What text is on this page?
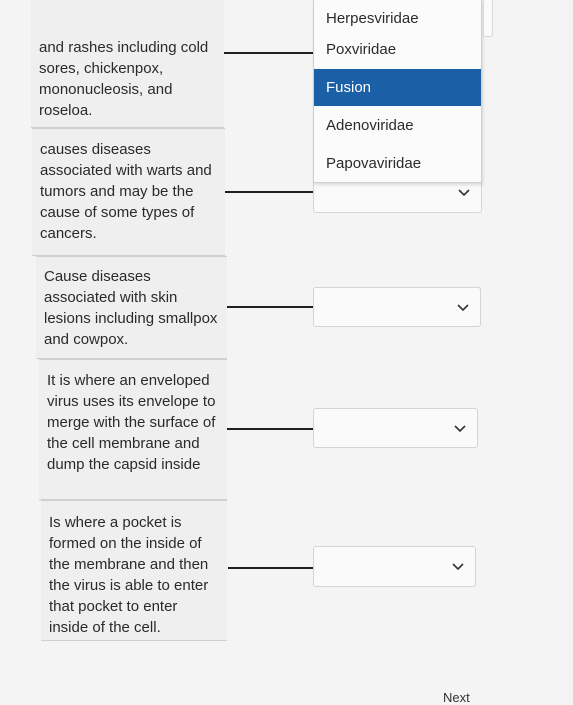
and rashes including cold sores, chickenpox, mononucleosis, and roseloa.
causes diseases associated with warts and tumors and may be the cause of some types of cancers.
Cause diseases associated with skin lesions including smallpox and cowpox.
It is where an enveloped virus uses its envelope to merge with the surface of the cell membrane and dump the capsid inside
Is where a pocket is formed on the inside of the membrane and then the virus is able to enter that pocket to enter inside of the cell.
Herpesviridae
Poxviridae
Fusion
Adenoviridae
Papovaviridae
Next
